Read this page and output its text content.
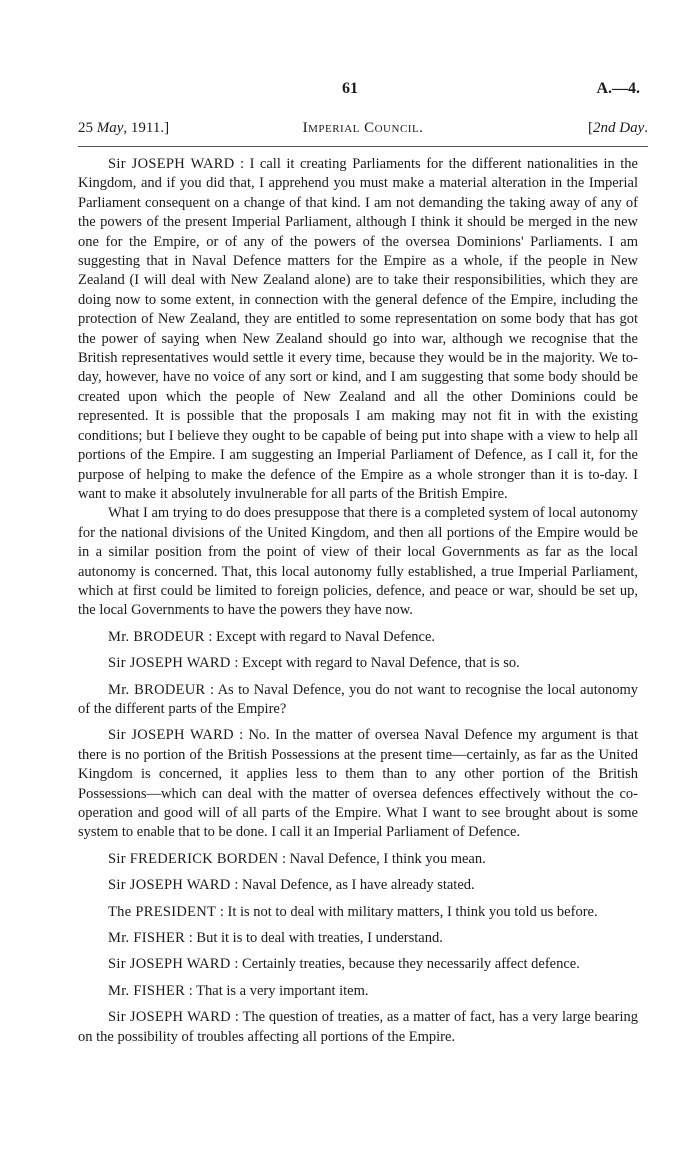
61	A.—4.
Imperial Council.
25 May, 1911.]	[2nd Day.

Sir JOSEPH WARD : I call it creating Parliaments for the different nationalities in the Kingdom, and if you did that, I apprehend you must make a material alteration in the Imperial Parliament consequent on a change of that kind. I am not demanding the taking away of any of the powers of the present Imperial Parliament, although I think it should be merged in the new one for the Empire, or of any of the powers of the oversea Dominions' Parliaments. I am suggesting that in Naval Defence matters for the Empire as a whole, if the people in New Zealand (I will deal with New Zealand alone) are to take their responsibilities, which they are doing now to some extent, in connection with the general defence of the Empire, including the protection of New Zealand, they are entitled to some representation on some body that has got the power of saying when New Zealand should go into war, although we recognise that the British representatives would settle it every time, because they would be in the majority. We to-day, however, have no voice of any sort or kind, and I am suggesting that some body should be created upon which the people of New Zealand and all the other Dominions could be represented. It is possible that the proposals I am making may not fit in with the existing conditions; but I believe they ought to be capable of being put into shape with a view to help all portions of the Empire. I am suggesting an Imperial Parliament of Defence, as I call it, for the purpose of helping to make the defence of the Empire as a whole stronger than it is to-day. I want to make it absolutely invulnerable for all parts of the British Empire.

What I am trying to do does presuppose that there is a completed system of local autonomy for the national divisions of the United Kingdom, and then all portions of the Empire would be in a similar position from the point of view of their local Governments as far as the local autonomy is concerned. That, this local autonomy fully established, a true Imperial Parliament, which at first could be limited to foreign policies, defence, and peace or war, should be set up, the local Governments to have the powers they have now.

Mr. BRODEUR : Except with regard to Naval Defence.

Sir JOSEPH WARD : Except with regard to Naval Defence, that is so.

Mr. BRODEUR : As to Naval Defence, you do not want to recognise the local autonomy of the different parts of the Empire?

Sir JOSEPH WARD : No. In the matter of oversea Naval Defence my argument is that there is no portion of the British Possessions at the present time—certainly, as far as the United Kingdom is concerned, it applies less to them than to any other portion of the British Possessions—which can deal with the matter of oversea defences effectively without the co-operation and good will of all parts of the Empire. What I want to see brought about is some system to enable that to be done. I call it an Imperial Parliament of Defence.

Sir FREDERICK BORDEN : Naval Defence, I think you mean.

Sir JOSEPH WARD : Naval Defence, as I have already stated.

The PRESIDENT : It is not to deal with military matters, I think you told us before.

Mr. FISHER : But it is to deal with treaties, I understand.

Sir JOSEPH WARD : Certainly treaties, because they necessarily affect defence.

Mr. FISHER : That is a very important item.

Sir JOSEPH WARD : The question of treaties, as a matter of fact, has a very large bearing on the possibility of troubles affecting all portions of the Empire.
